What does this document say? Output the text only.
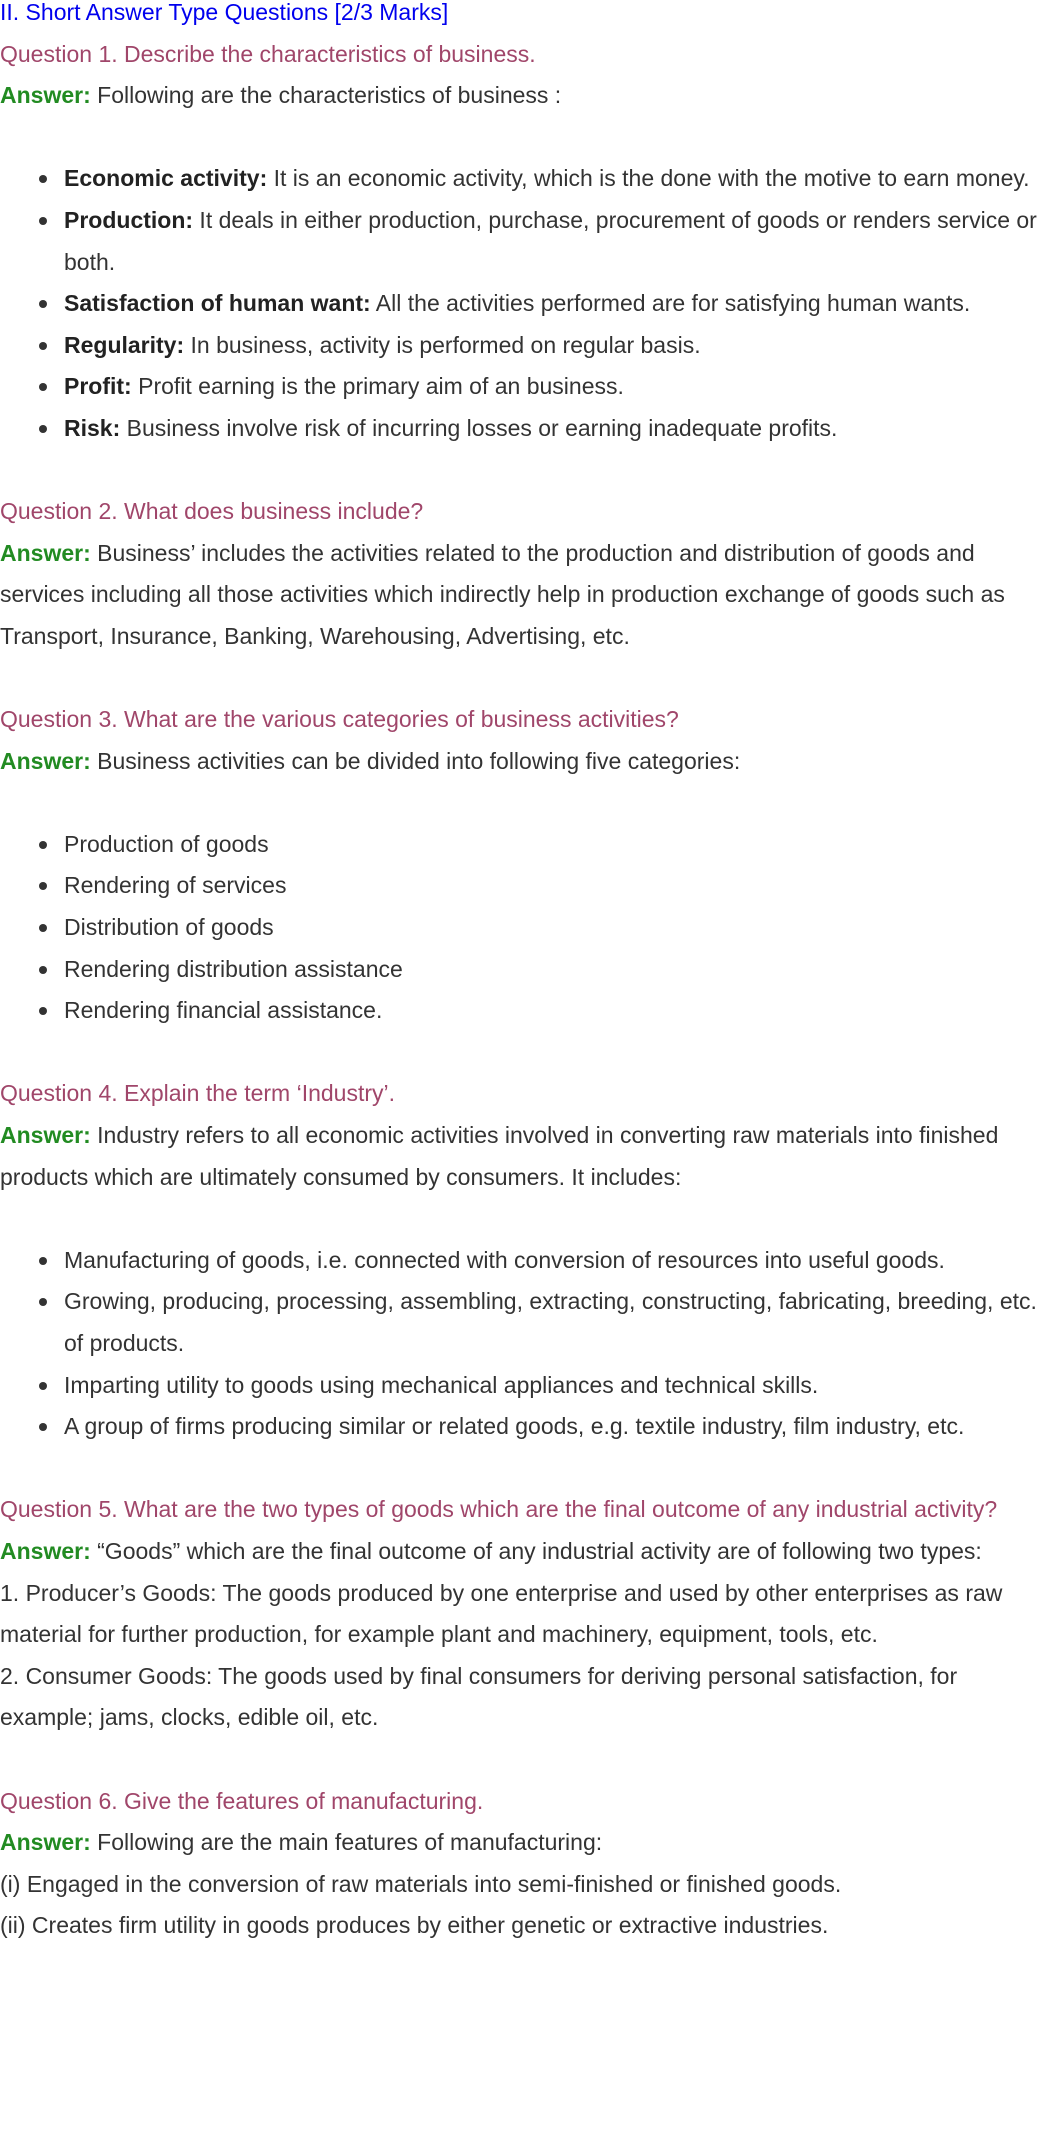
II. Short Answer Type Questions [2/3 Marks]

Question 1. Describe the characteristics of business.

Answer: Following are the characteristics of business :

Economic activity: It is an economic activity, which is the done with the motive to earn money.
Production: It deals in either production, purchase, procurement of goods or renders service or both.
Satisfaction of human want: All the activities performed are for satisfying human wants.
Regularity: In business, activity is performed on regular basis.
Profit: Profit earning is the primary aim of an business.
Risk: Business involve risk of incurring losses or earning inadequate profits.

Question 2. What does business include?

Answer: Business’ includes the activities related to the production and distribution of goods and services including all those activities which indirectly help in production exchange of goods such as Transport, Insurance, Banking, Warehousing, Advertising, etc.

Question 3. What are the various categories of business activities?

Answer: Business activities can be divided into following five categories:

Production of goods
Rendering of services
Distribution of goods
Rendering distribution assistance
Rendering financial assistance.

Question 4. Explain the term ‘Industry’.

Answer: Industry refers to all economic activities involved in converting raw materials into finished products which are ultimately consumed by consumers. It includes:

Manufacturing of goods, i.e. connected with conversion of resources into useful goods.
Growing, producing, processing, assembling, extracting, constructing, fabricating, breeding, etc. of products.
Imparting utility to goods using mechanical appliances and technical skills.
A group of firms producing similar or related goods, e.g. textile industry, film industry, etc.

Question 5. What are the two types of goods which are the final outcome of any industrial activity?

Answer: “Goods” which are the final outcome of any industrial activity are of following two types:

1. Producer’s Goods: The goods produced by one enterprise and used by other enterprises as raw material for further production, for example plant and machinery, equipment, tools, etc.

2. Consumer Goods: The goods used by final consumers for deriving personal satisfaction, for example; jams, clocks, edible oil, etc.

Question 6. Give the features of manufacturing.

Answer: Following are the main features of manufacturing:

(i) Engaged in the conversion of raw materials into semi-finished or finished goods.

(ii) Creates firm utility in goods produces by either genetic or extractive industries.
